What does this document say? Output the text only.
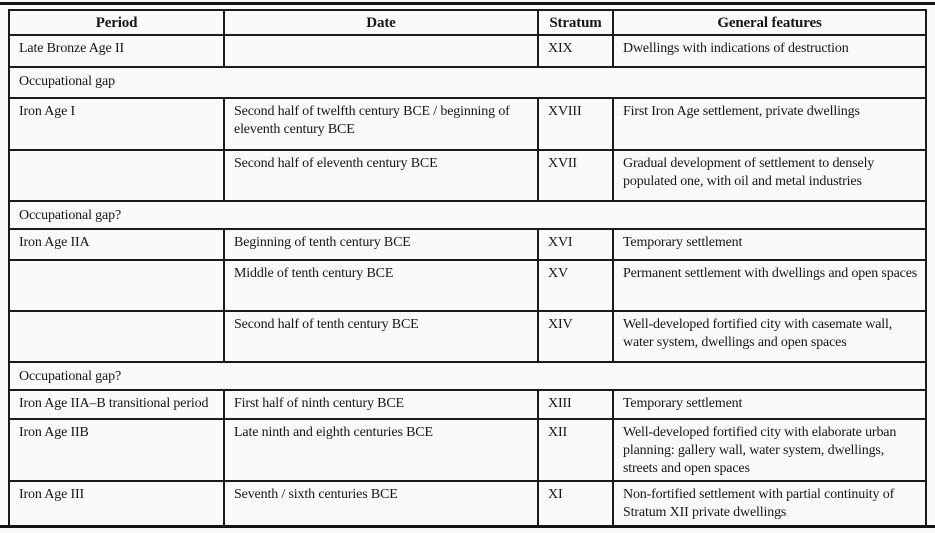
Period	Date	Stratum	General features
Late Bronze Age II		XIX	Dwellings with indications of destruction
Occupational gap			
Iron Age I	Second half of twelfth century BCE / beginning of eleventh century BCE	XVIII	First Iron Age settlement, private dwellings
	Second half of eleventh century BCE	XVII	Gradual development of settlement to densely populated one, with oil and metal industries
Occupational gap?			
Iron Age IIA	Beginning of tenth century BCE	XVI	Temporary settlement
	Middle of tenth century BCE	XV	Permanent settlement with dwellings and open spaces
	Second half of tenth century BCE	XIV	Well-developed fortified city with casemate wall, water system, dwellings and open spaces
Occupational gap?			
Iron Age IIA–B transitional period	First half of ninth century BCE	XIII	Temporary settlement
Iron Age IIB	Late ninth and eighth centuries BCE	XII	Well-developed fortified city with elaborate urban planning: gallery wall, water system, dwellings, streets and open spaces
Iron Age III	Seventh / sixth centuries BCE	XI	Non-fortified settlement with partial continuity of Stratum XII private dwellings
